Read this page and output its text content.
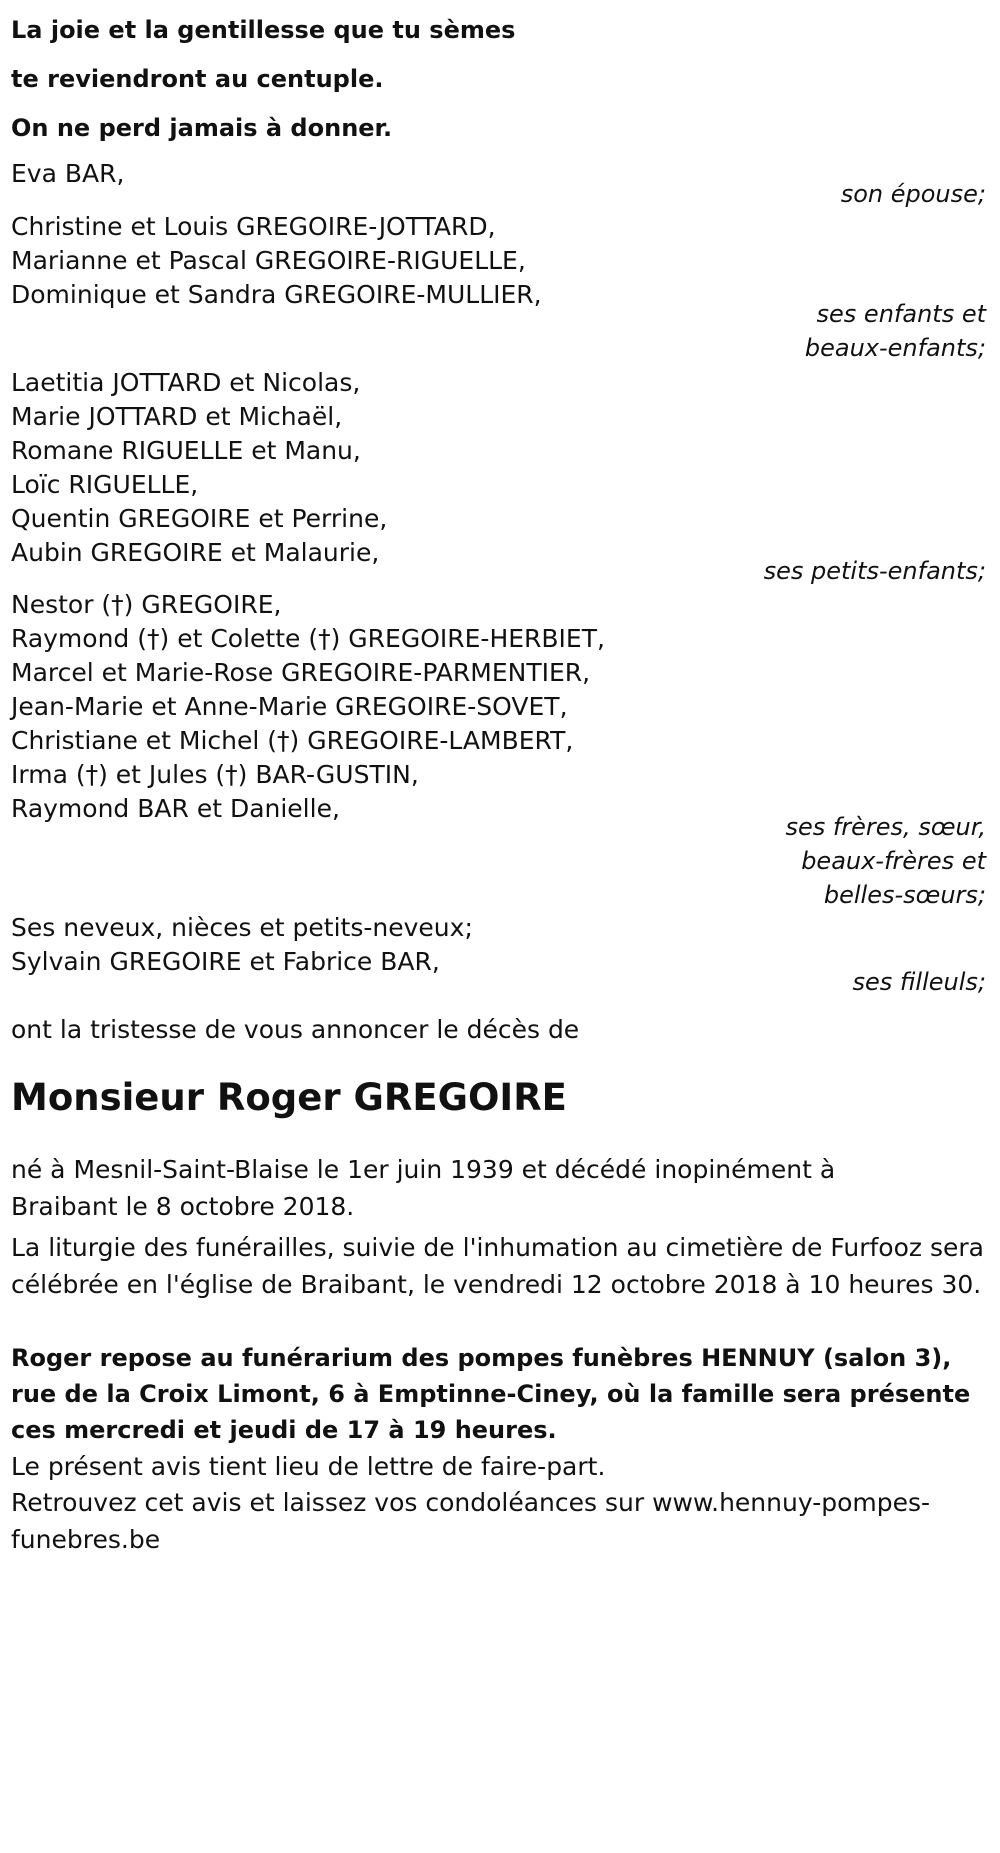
La joie et la gentillesse que tu sèmes
te reviendront au centuple.
On ne perd jamais à donner.
Eva BAR,
son épouse;
Christine et Louis GREGOIRE-JOTTARD,
Marianne et Pascal GREGOIRE-RIGUELLE,
Dominique et Sandra GREGOIRE-MULLIER,
ses enfants et
beaux-enfants;
Laetitia JOTTARD et Nicolas,
Marie JOTTARD et Michaël,
Romane RIGUELLE et Manu,
Loïc RIGUELLE,
Quentin GREGOIRE et Perrine,
Aubin GREGOIRE et Malaurie,
ses petits-enfants;
Nestor (†) GREGOIRE,
Raymond (†) et Colette (†) GREGOIRE-HERBIET,
Marcel et Marie-Rose GREGOIRE-PARMENTIER,
Jean-Marie et Anne-Marie GREGOIRE-SOVET,
Christiane et Michel (†) GREGOIRE-LAMBERT,
Irma (†) et Jules (†) BAR-GUSTIN,
Raymond BAR et Danielle,
ses frères, sœur,
beaux-frères et
belles-sœurs;
Ses neveux, nièces et petits-neveux;
Sylvain GREGOIRE et Fabrice BAR,
ses filleuls;
ont la tristesse de vous annoncer le décès de
Monsieur Roger GREGOIRE
né à Mesnil-Saint-Blaise le 1er juin 1939 et décédé inopinément à Braibant le 8 octobre 2018.
La liturgie des funérailles, suivie de l'inhumation au cimetière de Furfooz sera célébrée en l'église de Braibant, le vendredi 12 octobre 2018 à 10 heures 30.
Roger repose au funérarium des pompes funèbres HENNUY (salon 3), rue de la Croix Limont, 6 à Emptinne-Ciney, où la famille sera présente ces mercredi et jeudi de 17 à 19 heures.
Le présent avis tient lieu de lettre de faire-part.
Retrouvez cet avis et laissez vos condoléances sur www.hennuy-pompes-funebres.be
